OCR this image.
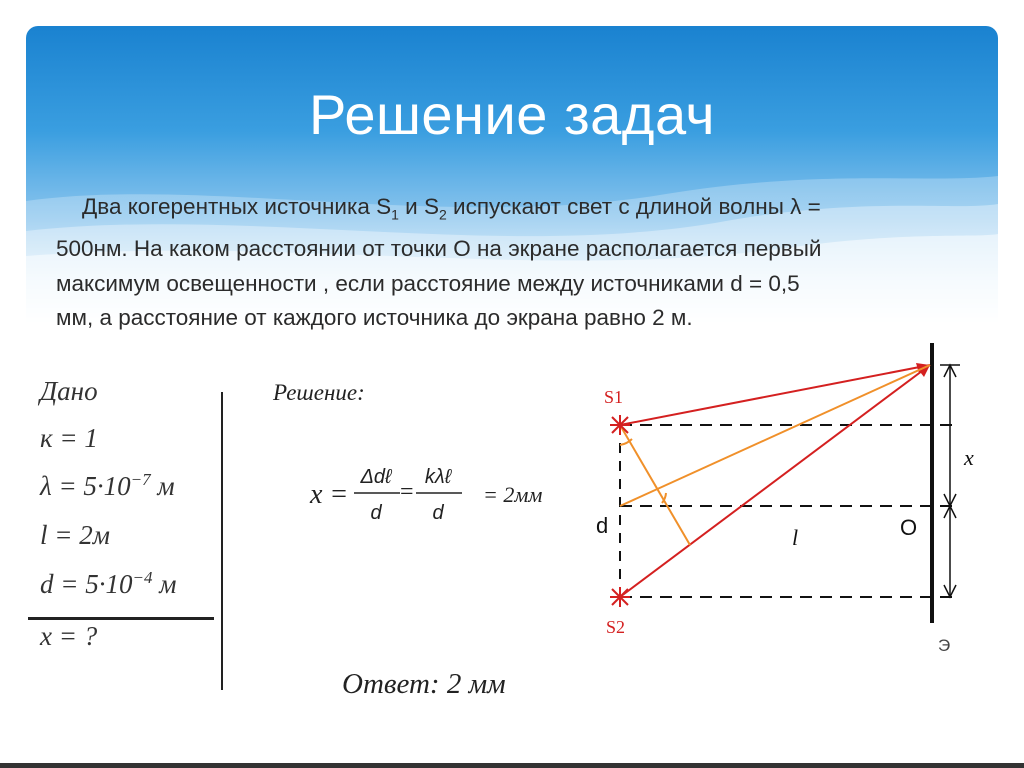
Решение задач
Два когерентных источника $S_1$ и $S_2$ испускают свет с длиной волны λ =
500нм. На каком расстоянии от точки О на экране располагается первый
максимум освещенности , если расстояние между источниками d = 0,5
мм, а расстояние от каждого источника до экрана равно 2 м.
Дано
к = 1
$\lambda = 5\cdot 10^{-7}$ м
l = 2м
$d = 5\cdot 10^{-4}$ м
x = ?
Решение:
x =
Δdℓ
d
=
kλℓ
d
= 2мм
Ответ: 2 мм
S1
S2
d	l	O
x
Э
